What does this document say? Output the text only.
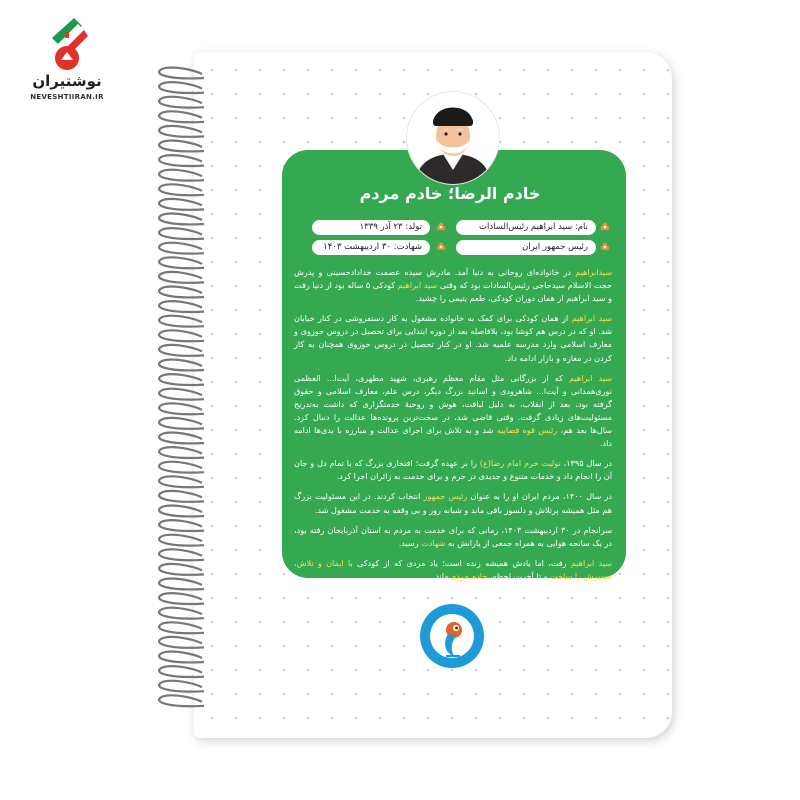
نوشتیران
NEVESHTIIRAN.IR
خادم الرضا؛ خادم مردم
نام: سید ابراهیم رئیس‌السادات
تولد: ۲۳ آذر ۱۳۳۹
رئیس جمهور ایران
شهادت: ۳۰ اردیبهشت ۱۴۰۳

سیدابراهیم در خانواده‌ای روحانی به دنیا آمد. مادرش سیده عصمت خدادادحسینی و پدرش حجت الاسلام سیدحاجی رئیس‌السادات بود که وقتی سید ابراهیم کودکی ۵ ساله بود از دنیا رفت و سید ابراهیم از همان دوران کودکی، طعم یتیمی را چشید.

سید ابراهیم از همان کودکی برای کمک به خانواده مشغول به کار دستفروشی در کنار خیابان شد. او که در درس هم کوشا بود، بلافاصله بعد از دوره ابتدایی برای تحصیل در دروس حوزوی و معارف اسلامی وارد مدرسه علمیه شد. او در کنار تحصیل در دروس حوزوی همچنان به کار کردن در مغازه و بازار ادامه داد.

سید ابراهیم که از بزرگانی مثل مقام معظم رهبری، شهید مطهری، آیت‌ا... العظمی نوری‌همدانی و آیت‌ا... شاهرودی و اساتید بزرگ دیگر، درس علم، معارف اسلامی و حقوق گرفته بود، بعد از انقلاب، به دلیل لیاقت، هوش و روحیهٔ خدمتگزاری که داشت به‌تدریج مسئولیت‌های زیادی گرفت. وقتی قاضی شد، در سخت‌ترین پرونده‌ها عدالت را دنبال کرد. سال‌ها بعد هم، رئیس قوه قضاییه شد و به تلاش برای اجرای عدالت و مبارزه با بدی‌ها ادامه داد.

در سال ۱۳۹۵، تولیت حرم امام رضا(ع) را بر عهده گرفت؛ افتخاری بزرگ که با تمام دل و جان آن را انجام داد و خدمات متنوع و جدیدی در حرم و برای خدمت به زائران اجرا کرد.

در سال ۱۴۰۰، مردم ایران او را به عنوان رئیس جمهور انتخاب کردند. در این مسئولیت بزرگ هم مثل همیشه پرتلاش و دلسوز باقی ماند و شبانه روز و بی وقفه به خدمت مشغول شد.

سرانجام در ۳۰ اردیبهشت ۱۴۰۳، زمانی که برای خدمت به مردم به استان آذربایجان رفته بود، در یک سانحه هوایی به همراه جمعی از یارانش به شهادت رسید.

سید ابراهیم رفت، اما یادش همیشه زنده است؛ یاد مردی که از کودکی با ایمان و تلاش، مسیرش را ساخت و تا آخرین لحظه، خادم مردم ماند...
